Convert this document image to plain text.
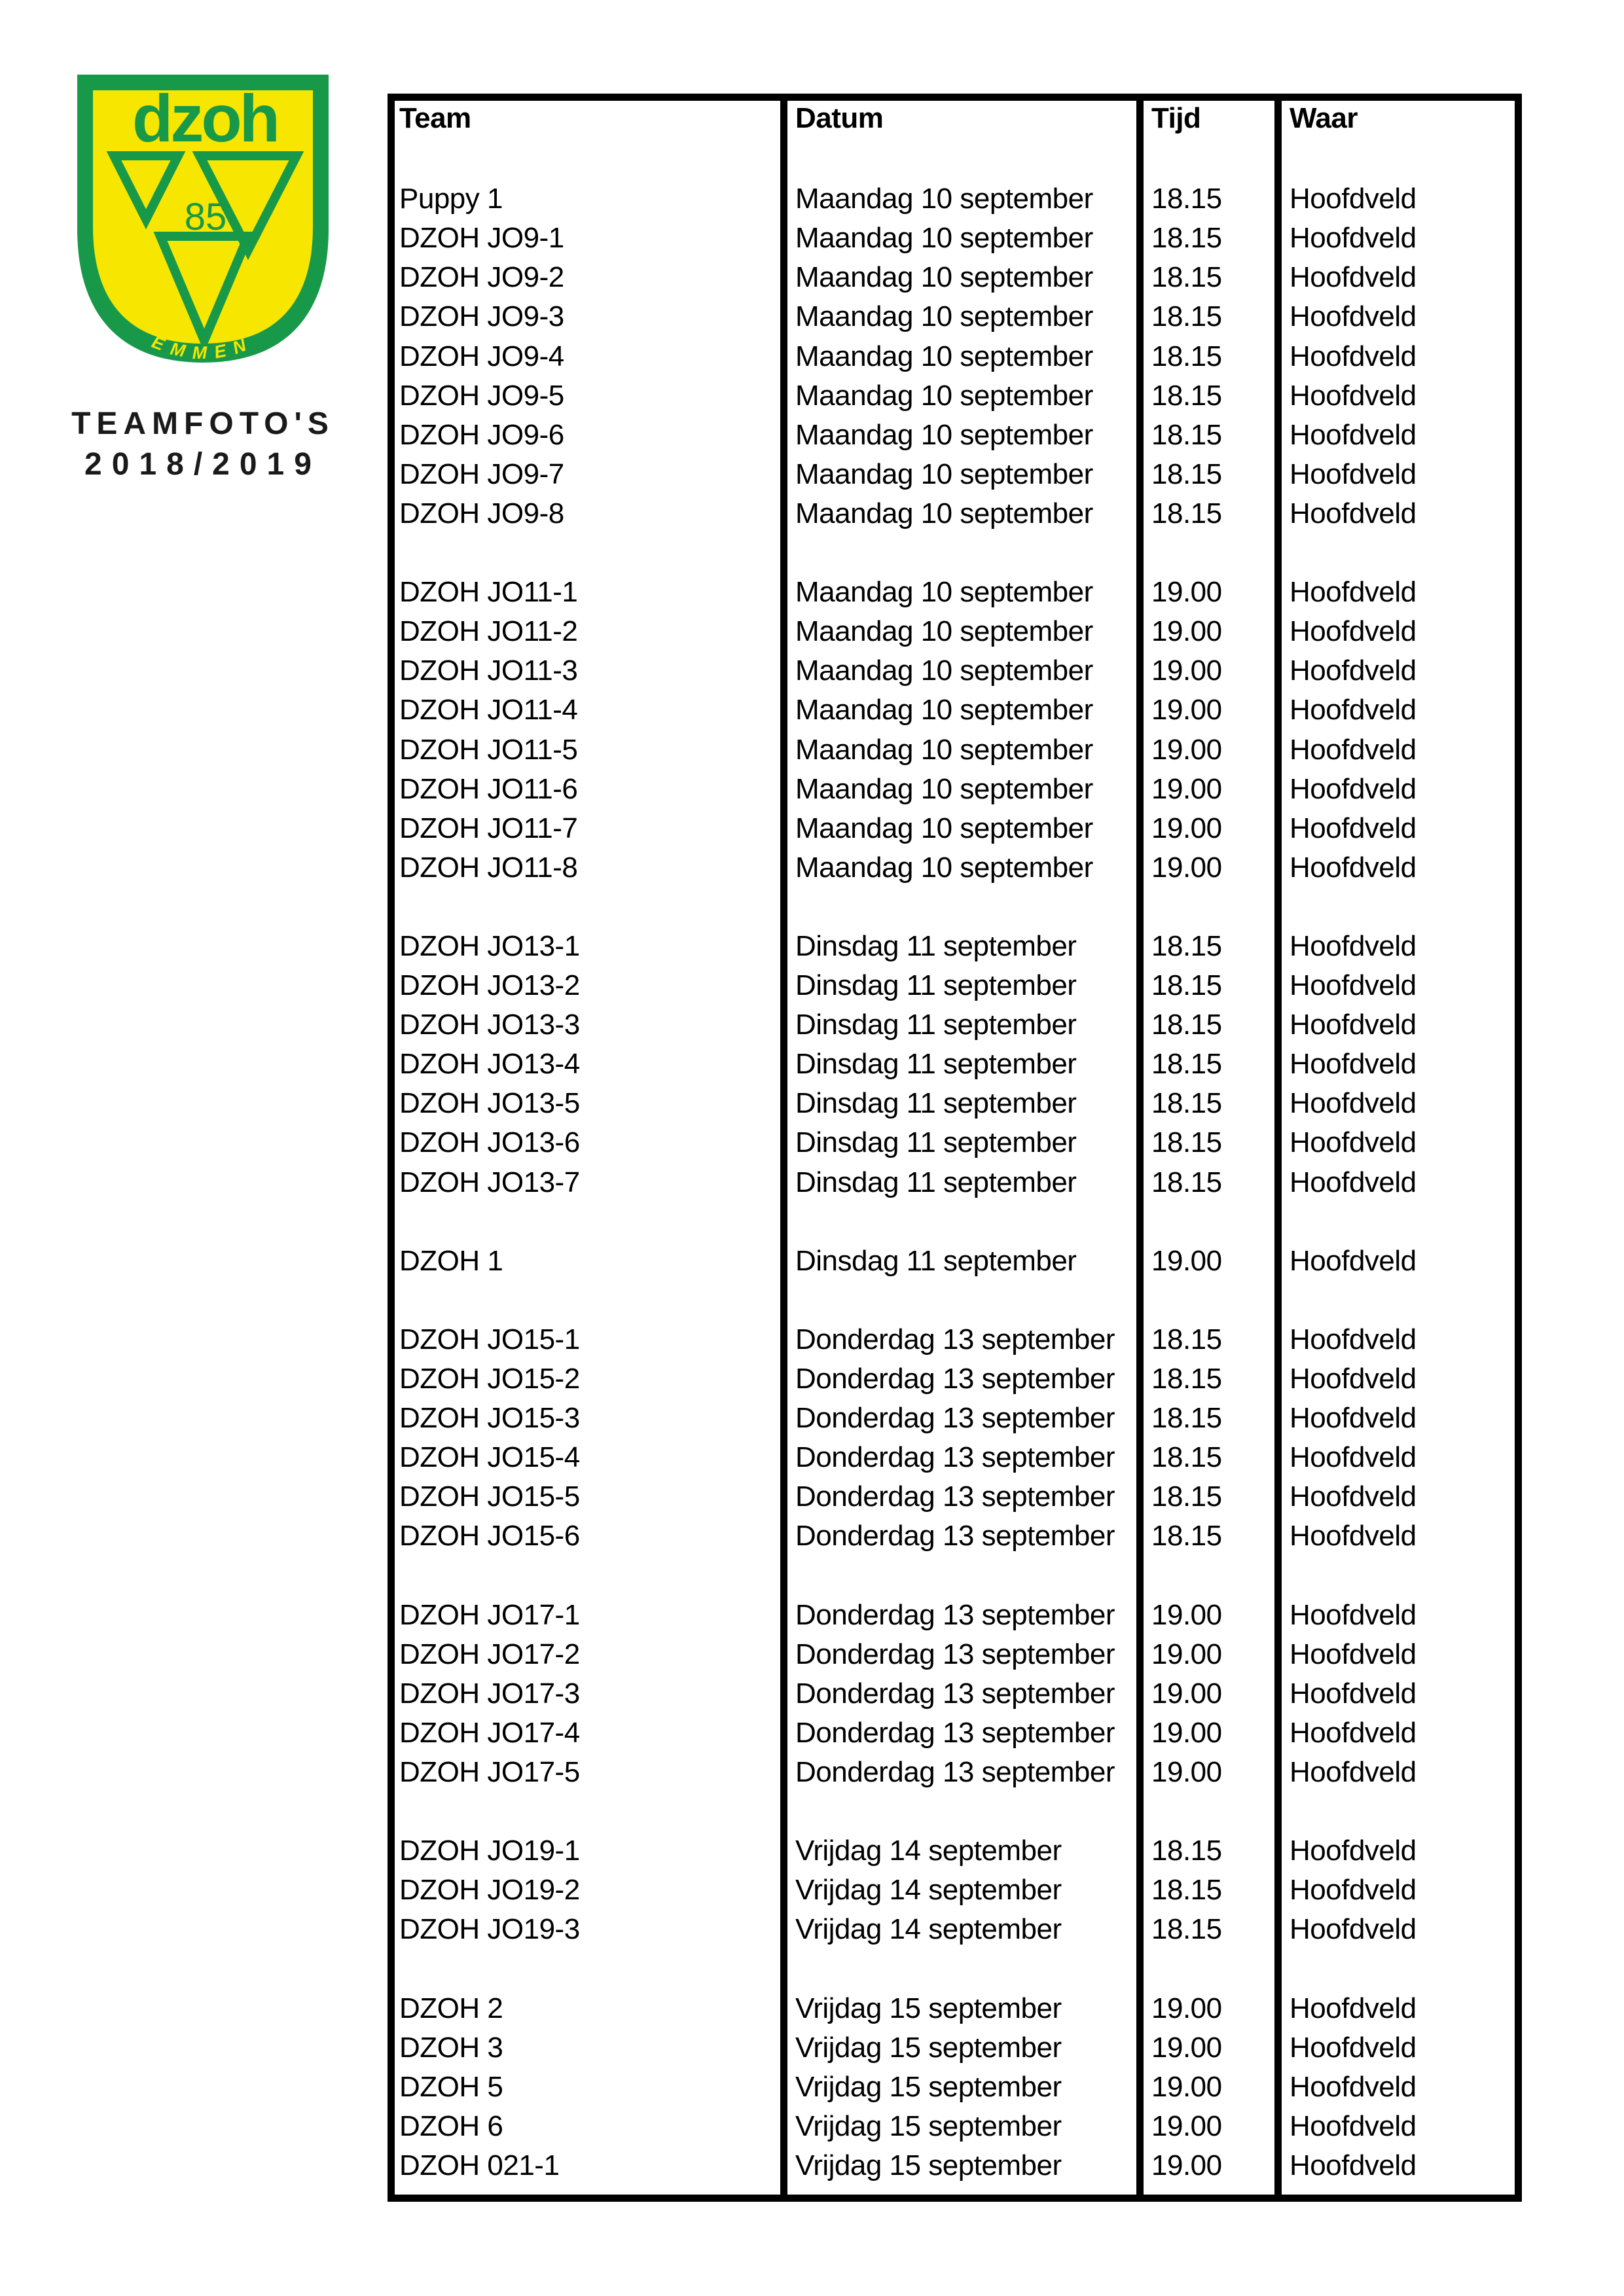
dzoh
85
EMMEN
TEAMFOTO'S
2018/2019
Team	Datum	Tijd	Waar
Puppy 1	Maandag 10 september	18.15	Hoofdveld
DZOH JO9-1	Maandag 10 september	18.15	Hoofdveld
DZOH JO9-2	Maandag 10 september	18.15	Hoofdveld
DZOH JO9-3	Maandag 10 september	18.15	Hoofdveld
DZOH JO9-4	Maandag 10 september	18.15	Hoofdveld
DZOH JO9-5	Maandag 10 september	18.15	Hoofdveld
DZOH JO9-6	Maandag 10 september	18.15	Hoofdveld
DZOH JO9-7	Maandag 10 september	18.15	Hoofdveld
DZOH JO9-8	Maandag 10 september	18.15	Hoofdveld
DZOH JO11-1	Maandag 10 september	19.00	Hoofdveld
DZOH JO11-2	Maandag 10 september	19.00	Hoofdveld
DZOH JO11-3	Maandag 10 september	19.00	Hoofdveld
DZOH JO11-4	Maandag 10 september	19.00	Hoofdveld
DZOH JO11-5	Maandag 10 september	19.00	Hoofdveld
DZOH JO11-6	Maandag 10 september	19.00	Hoofdveld
DZOH JO11-7	Maandag 10 september	19.00	Hoofdveld
DZOH JO11-8	Maandag 10 september	19.00	Hoofdveld
DZOH JO13-1	Dinsdag 11 september	18.15	Hoofdveld
DZOH JO13-2	Dinsdag 11 september	18.15	Hoofdveld
DZOH JO13-3	Dinsdag 11 september	18.15	Hoofdveld
DZOH JO13-4	Dinsdag 11 september	18.15	Hoofdveld
DZOH JO13-5	Dinsdag 11 september	18.15	Hoofdveld
DZOH JO13-6	Dinsdag 11 september	18.15	Hoofdveld
DZOH JO13-7	Dinsdag 11 september	18.15	Hoofdveld
DZOH 1	Dinsdag 11 september	19.00	Hoofdveld
DZOH JO15-1	Donderdag 13 september	18.15	Hoofdveld
DZOH JO15-2	Donderdag 13 september	18.15	Hoofdveld
DZOH JO15-3	Donderdag 13 september	18.15	Hoofdveld
DZOH JO15-4	Donderdag 13 september	18.15	Hoofdveld
DZOH JO15-5	Donderdag 13 september	18.15	Hoofdveld
DZOH JO15-6	Donderdag 13 september	18.15	Hoofdveld
DZOH JO17-1	Donderdag 13 september	19.00	Hoofdveld
DZOH JO17-2	Donderdag 13 september	19.00	Hoofdveld
DZOH JO17-3	Donderdag 13 september	19.00	Hoofdveld
DZOH JO17-4	Donderdag 13 september	19.00	Hoofdveld
DZOH JO17-5	Donderdag 13 september	19.00	Hoofdveld
DZOH JO19-1	Vrijdag 14 september	18.15	Hoofdveld
DZOH JO19-2	Vrijdag 14 september	18.15	Hoofdveld
DZOH JO19-3	Vrijdag 14 september	18.15	Hoofdveld
DZOH 2	Vrijdag 15 september	19.00	Hoofdveld
DZOH 3	Vrijdag 15 september	19.00	Hoofdveld
DZOH 5	Vrijdag 15 september	19.00	Hoofdveld
DZOH 6	Vrijdag 15 september	19.00	Hoofdveld
DZOH 021-1	Vrijdag 15 september	19.00	Hoofdveld
